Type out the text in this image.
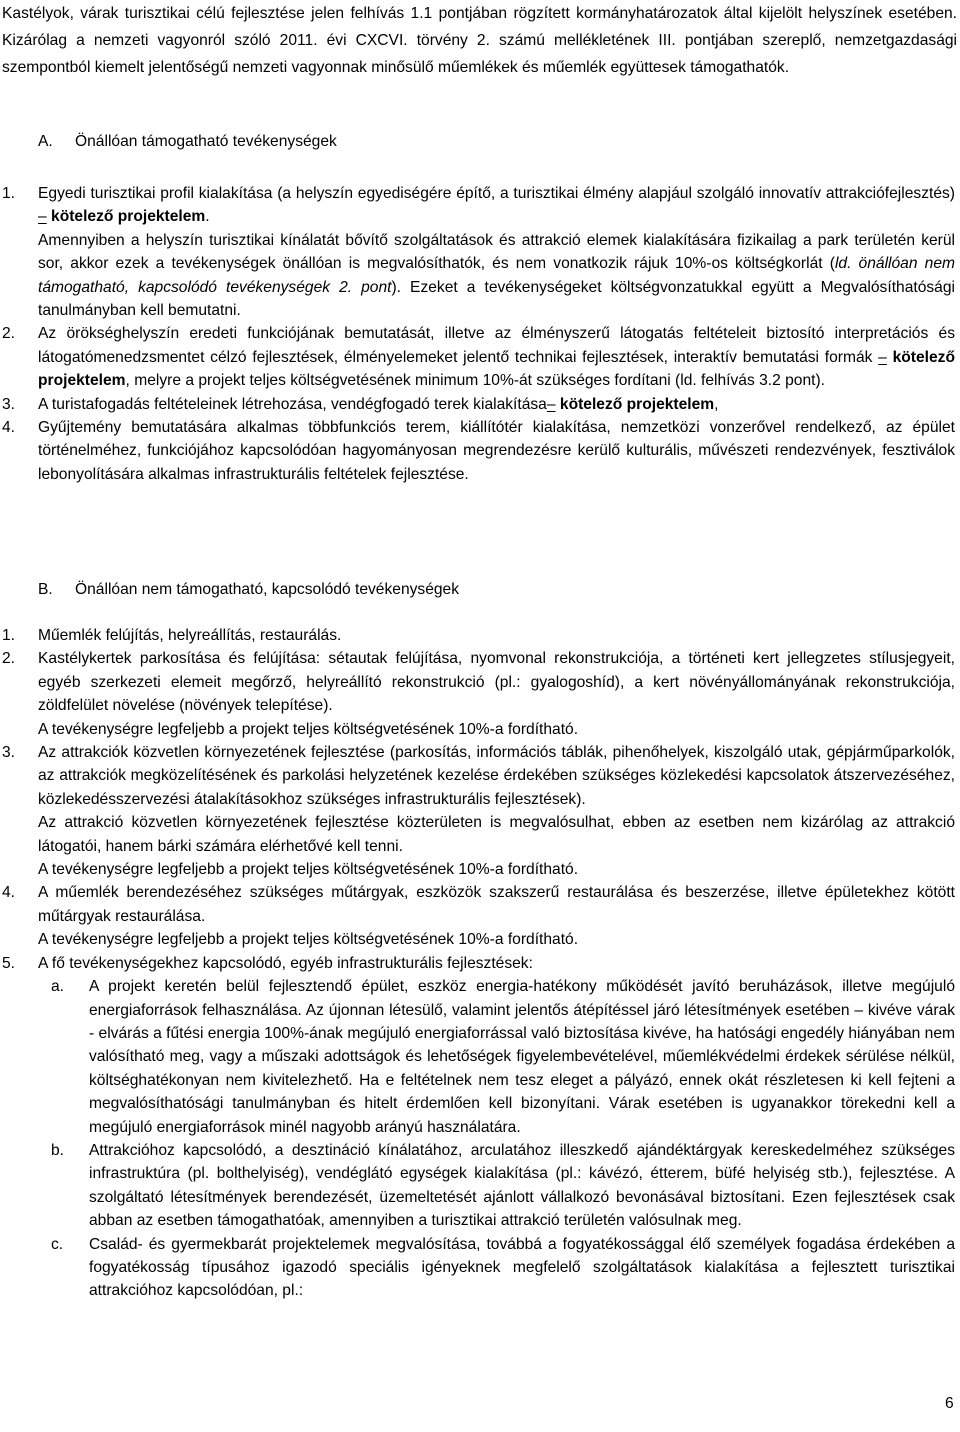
Kastélyok, várak turisztikai célú fejlesztése jelen felhívás 1.1 pontjában rögzített kormányhatározatok által kijelölt helyszínek esetében. Kizárólag a nemzeti vagyonról szóló 2011. évi CXCVI. törvény 2. számú mellékletének III. pontjában szereplő, nemzetgazdasági szempontból kiemelt jelentőségű nemzeti vagyonnak minősülő műemlékek és műemlék együttesek támogathatók.
A. Önállóan támogatható tevékenységek
1. Egyedi turisztikai profil kialakítása (a helyszín egyediségére építő, a turisztikai élmény alapjául szolgáló innovatív attrakciófejlesztés) – kötelező projektelem.
Amennyiben a helyszín turisztikai kínálatát bővítő szolgáltatások és attrakció elemek kialakítására fizikailag a park területén kerül sor, akkor ezek a tevékenységek önállóan is megvalósíthatók, és nem vonatkozik rájuk 10%-os költségkorlát (ld. önállóan nem támogatható, kapcsolódó tevékenységek 2. pont). Ezeket a tevékenységeket költségvonzatukkal együtt a Megvalósíthatósági tanulmányban kell bemutatni.
2. Az örökséghelyszín eredeti funkciójának bemutatását, illetve az élményszerű látogatás feltételeit biztosító interpretációs és látogatómenedzsmentet célzó fejlesztések, élményelemeket jelentő technikai fejlesztések, interaktív bemutatási formák – kötelező projektelem, melyre a projekt teljes költségvetésének minimum 10%-át szükséges fordítani (ld. felhívás 3.2 pont).
3. A turistafogadás feltételeinek létrehozása, vendégfogadó terek kialakítása– kötelező projektelem,
4. Gyűjtemény bemutatására alkalmas többfunkciós terem, kiállítótér kialakítása, nemzetközi vonzerővel rendelkező, az épület történelméhez, funkciójához kapcsolódóan hagyományosan megrendezésre kerülő kulturális, művészeti rendezvények, fesztiválok lebonyolítására alkalmas infrastrukturális feltételek fejlesztése.
B. Önállóan nem támogatható, kapcsolódó tevékenységek
1. Műemlék felújítás, helyreállítás, restaurálás.
2. Kastélykertek parkosítása és felújítása: sétautak felújítása, nyomvonal rekonstrukciója, a történeti kert jellegzetes stílusjegyeit, egyéb szerkezeti elemeit megőrző, helyreállító rekonstrukció (pl.: gyalogoshíd), a kert növényállományának rekonstrukciója, zöldfelület növelése (növények telepítése).
A tevékenységre legfeljebb a projekt teljes költségvetésének 10%-a fordítható.
3. Az attrakciók közvetlen környezetének fejlesztése (parkosítás, információs táblák, pihenőhelyek, kiszolgáló utak, gépjárműparkolók, az attrakciók megközelítésének és parkolási helyzetének kezelése érdekében szükséges közlekedési kapcsolatok átszervezéséhez, közlekedésszervezési átalakításokhoz szükséges infrastrukturális fejlesztések).
Az attrakció közvetlen környezetének fejlesztése közterületen is megvalósulhat, ebben az esetben nem kizárólag az attrakció látogatói, hanem bárki számára elérhetővé kell tenni.
A tevékenységre legfeljebb a projekt teljes költségvetésének 10%-a fordítható.
4. A műemlék berendezéséhez szükséges műtárgyak, eszközök szakszerű restaurálása és beszerzése, illetve épületekhez kötött műtárgyak restaurálása.
A tevékenységre legfeljebb a projekt teljes költségvetésének 10%-a fordítható.
5. A fő tevékenységekhez kapcsolódó, egyéb infrastrukturális fejlesztések:
a. A projekt keretén belül fejlesztendő épület, eszköz energia-hatékony működését javító beruházások, illetve megújuló energiaforrások felhasználása. Az újonnan létesülő, valamint jelentős átépítéssel járó létesítmények esetében – kivéve várak - elvárás a fűtési energia 100%-ának megújuló energiaforrással való biztosítása kivéve, ha hatósági engedély hiányában nem valósítható meg, vagy a műszaki adottságok és lehetőségek figyelembevételével, műemlékvédelmi érdekek sérülése nélkül, költséghatékonyan nem kivitelezhető. Ha e feltételnek nem tesz eleget a pályázó, ennek okát részletesen ki kell fejteni a megvalósíthatósági tanulmányban és hitelt érdemlően kell bizonyítani. Várak esetében is ugyanakkor törekedni kell a megújuló energiaforrások minél nagyobb arányú használatára.
b. Attrakcióhoz kapcsolódó, a desztináció kínálatához, arculatához illeszkedő ajándéktárgyak kereskedelméhez szükséges infrastruktúra (pl. bolthelyiség), vendéglátó egységek kialakítása (pl.: kávézó, étterem, büfé helyiség stb.), fejlesztése. A szolgáltató létesítmények berendezését, üzemeltetését ajánlott vállalkozó bevonásával biztosítani. Ezen fejlesztések csak abban az esetben támogathatóak, amennyiben a turisztikai attrakció területén valósulnak meg.
c. Család- és gyermekbarát projektelemek megvalósítása, továbbá a fogyatékossággal élő személyek fogadása érdekében a fogyatékosság típusához igazodó speciális igényeknek megfelelő szolgáltatások kialakítása a fejlesztett turisztikai attrakcióhoz kapcsolódóan, pl.:
6
